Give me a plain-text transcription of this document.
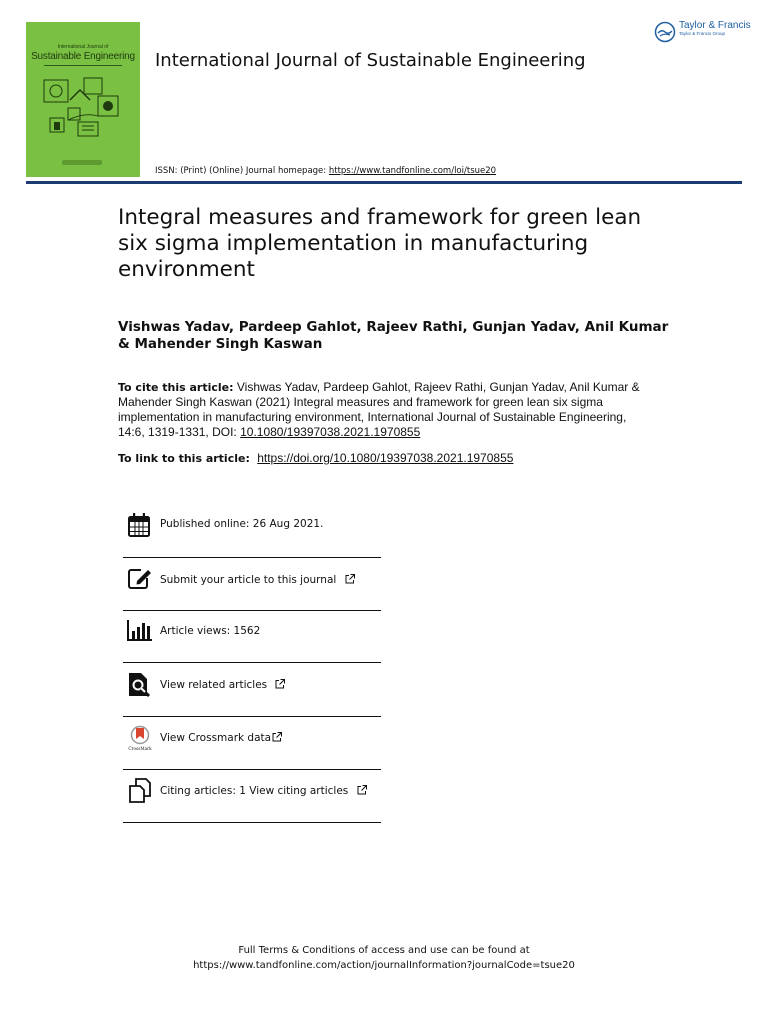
International Journal of
Sustainable Engineering International Journal of Sustainable Engineering
Taylor & Francis
Taylor & Francis Group
ISSN: (Print) (Online) Journal homepage: https://www.tandfonline.com/loi/tsue20
Integral measures and framework for green lean six sigma implementation in manufacturing environment
Vishwas Yadav, Pardeep Gahlot, Rajeev Rathi, Gunjan Yadav, Anil Kumar & Mahender Singh Kaswan
To cite this article: Vishwas Yadav, Pardeep Gahlot, Rajeev Rathi, Gunjan Yadav, Anil Kumar & Mahender Singh Kaswan (2021) Integral measures and framework for green lean six sigma implementation in manufacturing environment, International Journal of Sustainable Engineering, 14:6, 1319-1331, DOI: 10.1080/19397038.2021.1970855
To link to this article: https://doi.org/10.1080/19397038.2021.1970855
Published online: 26 Aug 2021.
Submit your article to this journal
Article views: 1562
View related articles
CrossMark
View Crossmark data
Citing articles: 1 View citing articles
Full Terms & Conditions of access and use can be found at
https://www.tandfonline.com/action/journalInformation?journalCode=tsue20
